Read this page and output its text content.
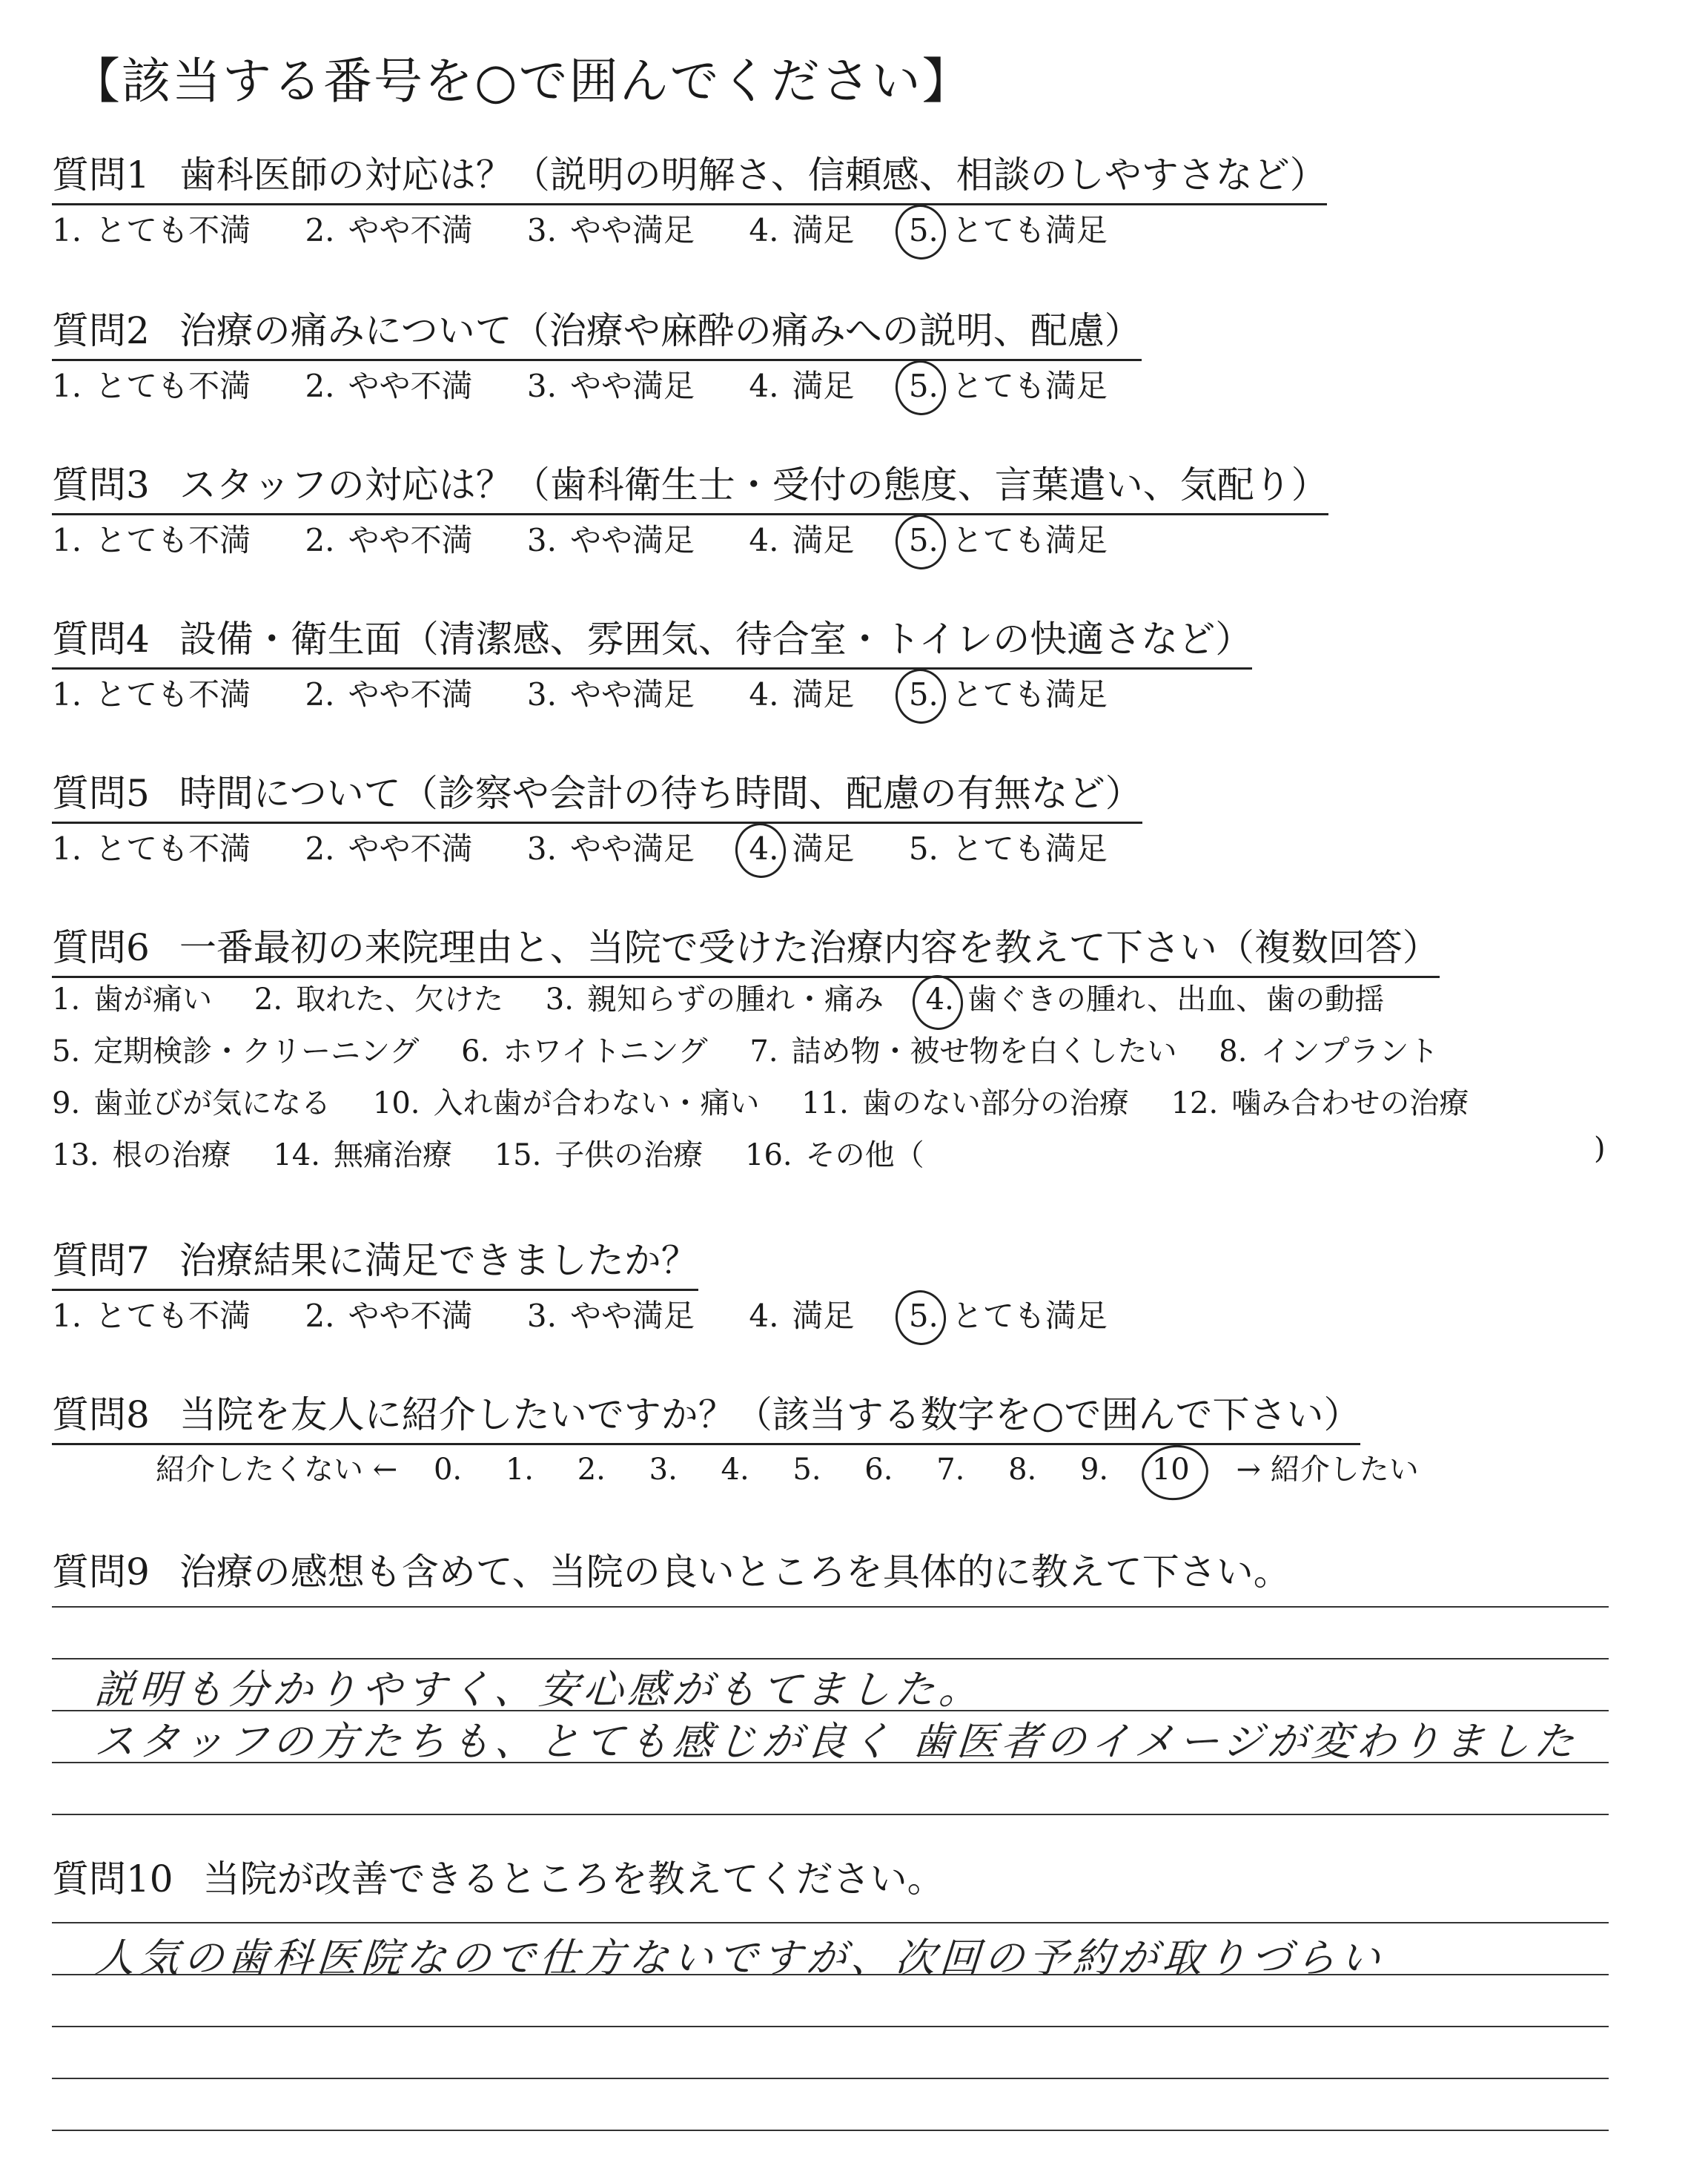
【該当する番号を○で囲んでください】
質問1 歯科医師の対応は？（説明の明解さ、信頼感、相談のしやすさなど）
1. とても不満 2. やや不満 3. やや満足 4. 満足 5. とても満足
質問2 治療の痛みについて（治療や麻酔の痛みへの説明、配慮）
1. とても不満 2. やや不満 3. やや満足 4. 満足 5. とても満足
質問3 スタッフの対応は？（歯科衛生士・受付の態度、言葉遣い、気配り）
1. とても不満 2. やや不満 3. やや満足 4. 満足 5. とても満足
質問4 設備・衛生面（清潔感、雰囲気、待合室・トイレの快適さなど）
1. とても不満 2. やや不満 3. やや満足 4. 満足 5. とても満足
質問5 時間について（診察や会計の待ち時間、配慮の有無など）
1. とても不満 2. やや不満 3. やや満足 4. 満足 5. とても満足
質問6 一番最初の来院理由と、当院で受けた治療内容を教えて下さい（複数回答）
1. 歯が痛い 2. 取れた、欠けた 3. 親知らずの腫れ・痛み 4. 歯ぐきの腫れ、出血、歯の動揺
5. 定期検診・クリーニング 6. ホワイトニング 7. 詰め物・被せ物を白くしたい 8. インプラント
9. 歯並びが気になる 10. 入れ歯が合わない・痛い 11. 歯のない部分の治療 12. 噛み合わせの治療
13. 根の治療 14. 無痛治療 15. 子供の治療 16. その他（	)
質問7 治療結果に満足できましたか？
1. とても不満 2. やや不満 3. やや満足 4. 満足 5. とても満足
質問8 当院を友人に紹介したいですか？（該当する数字を○で囲んで下さい）
紹介したくない ← 0. 1. 2. 3. 4. 5. 6. 7. 8. 9. 10 → 紹介したい
質問9 治療の感想も含めて、当院の良いところを具体的に教えて下さい。
説明も分かりやすく、安心感がもてました。
スタッフの方たちも、とても感じが良く 歯医者のイメージが変わりました
質問10 当院が改善できるところを教えてください。
人気の歯科医院なので仕方ないですが、次回の予約が取りづらい
